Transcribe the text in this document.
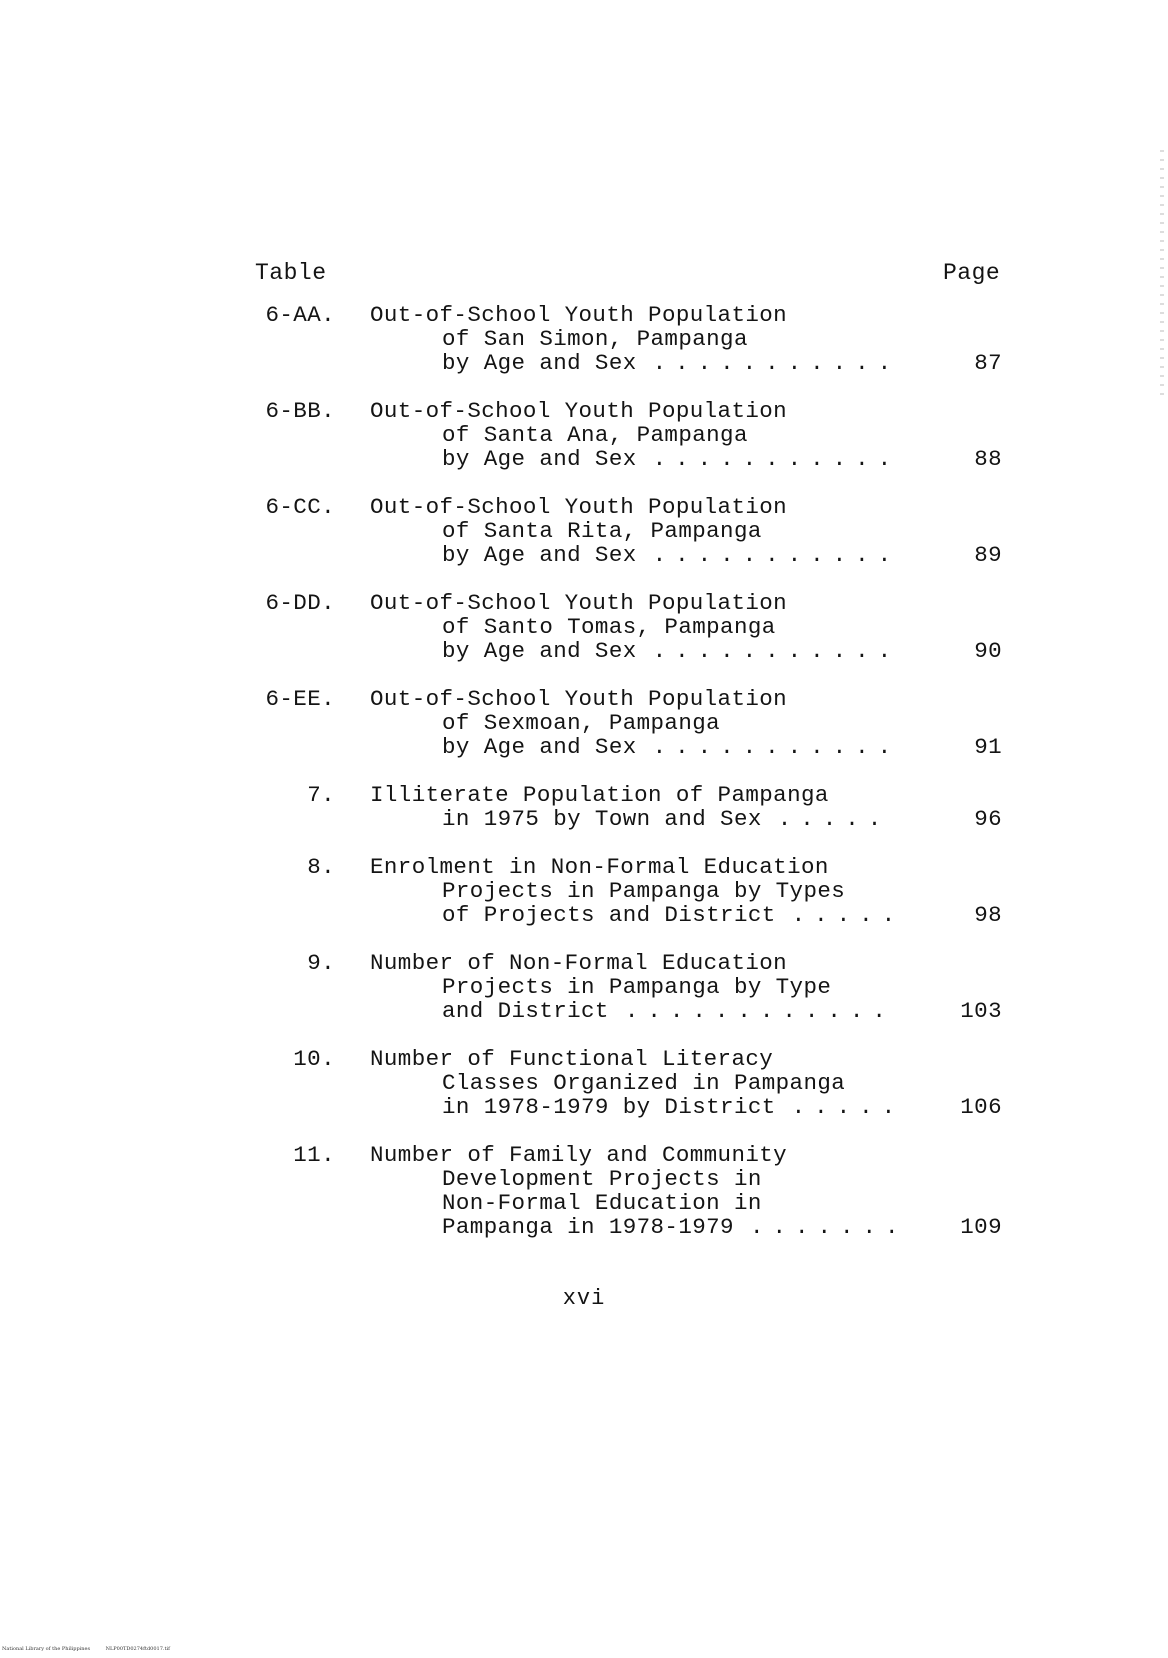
Table	Page
6-AA. Out-of-School Youth Population
of San Simon, Pampanga
by Age and Sex ...........	87
6-BB. Out-of-School Youth Population
of Santa Ana, Pampanga
by Age and Sex ...........	88
6-CC. Out-of-School Youth Population
of Santa Rita, Pampanga
by Age and Sex ...........	89
6-DD. Out-of-School Youth Population
of Santo Tomas, Pampanga
by Age and Sex ...........	90
6-EE. Out-of-School Youth Population
of Sexmoan, Pampanga
by Age and Sex ...........	91
7. Illiterate Population of Pampanga
in 1975 by Town and Sex .....	96
8. Enrolment in Non-Formal Education
Projects in Pampanga by Types
of Projects and District .....	98
9. Number of Non-Formal Education
Projects in Pampanga by Type
and District ............	103
10. Number of Functional Literacy
Classes Organized in Pampanga
in 1978-1979 by District .....	106
11. Number of Family and Community
Development Projects in
Non-Formal Education in
Pampanga in 1978-1979 .......	109
xvi
National Library of the Philippines	NLP00TD0274ftd0017.tif
